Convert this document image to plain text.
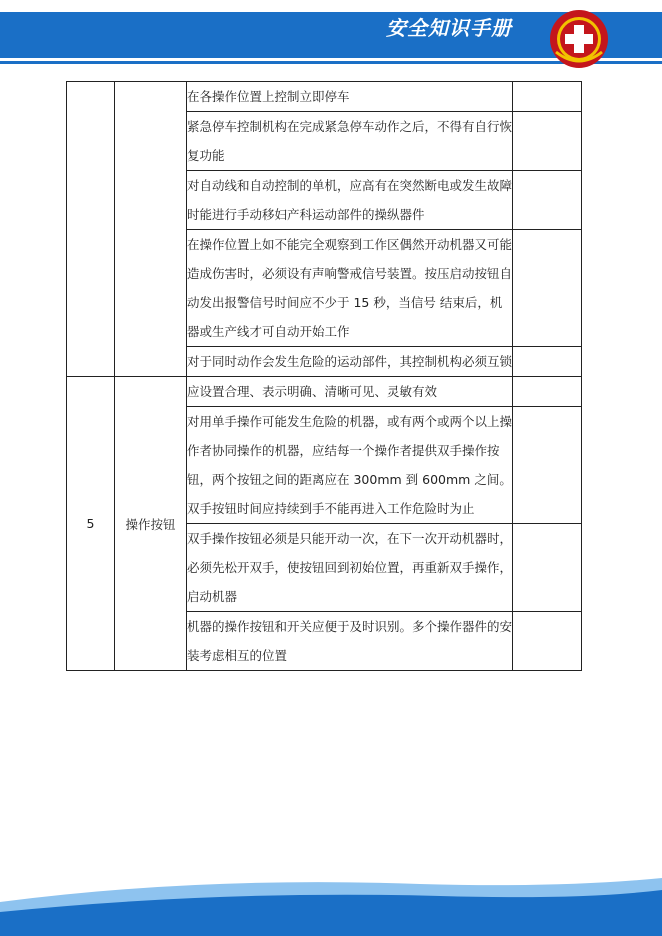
安全知识手册
		在各操作位置上控制立即停车	
		紧急停车控制机构在完成紧急停车动作之后，不得有自行恢复功能	
		对自动线和自动控制的单机，应高有在突然断电或发生故障时能进行手动移妇产科运动部件的操纵器件	
		在操作位置上如不能完全观察到工作区偶然开动机器又可能造成伤害时，必须设有声响警戒信号装置。按压启动按钮自动发出报警信号时间应不少于 15 秒，当信号 结束后，机器或生产线才可自动开始工作	
		对于同时动作会发生危险的运动部件，其控制机构必须互锁	
5	操作按钮	应设置合理、表示明确、清晰可见、灵敏有效	
		对用单手操作可能发生危险的机器，或有两个或两个以上操作者协同操作的机器，应结每一个操作者提供双手操作按钮，两个按钮之间的距离应在 300mm 到 600mm 之间。双手按钮时间应持续到手不能再进入工作危险时为止	
		双手操作按钮必须是只能开动一次，在下一次开动机器时，必须先松开双手，使按钮回到初始位置，再重新双手操作，启动机器	
		机器的操作按钮和开关应便于及时识别。多个操作器件的安装考虑相互的位置	
